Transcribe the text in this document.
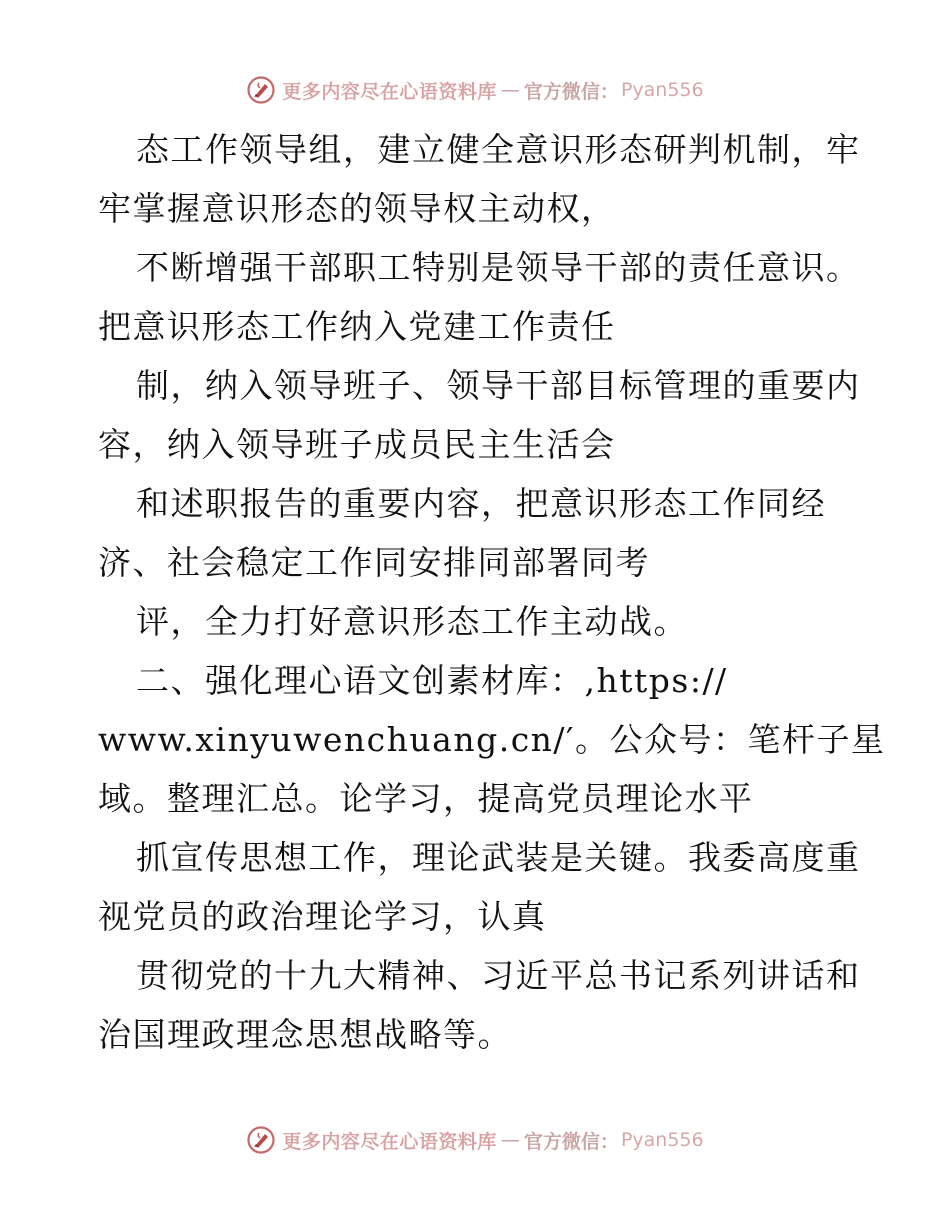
更多内容尽在心语资料库 — 官方微信： Pyan556
态工作领导组，建立健全意识形态研判机制，牢
牢掌握意识形态的领导权主动权，
不断增强干部职工特别是领导干部的责任意识。
把意识形态工作纳入党建工作责任
制，纳入领导班子、领导干部目标管理的重要内
容，纳入领导班子成员民主生活会
和述职报告的重要内容，把意识形态工作同经
济、社会稳定工作同安排同部署同考
评，全力打好意识形态工作主动战。
二、强化理心语文创素材库：,https://
www.xinyuwenchuang.cn/′。公众号：笔杆子星
域。整理汇总。论学习，提高党员理论水平
抓宣传思想工作，理论武装是关键。我委高度重
视党员的政治理论学习，认真
贯彻党的十九大精神、习近平总书记系列讲话和
治国理政理念思想战略等。
更多内容尽在心语资料库 — 官方微信： Pyan556
